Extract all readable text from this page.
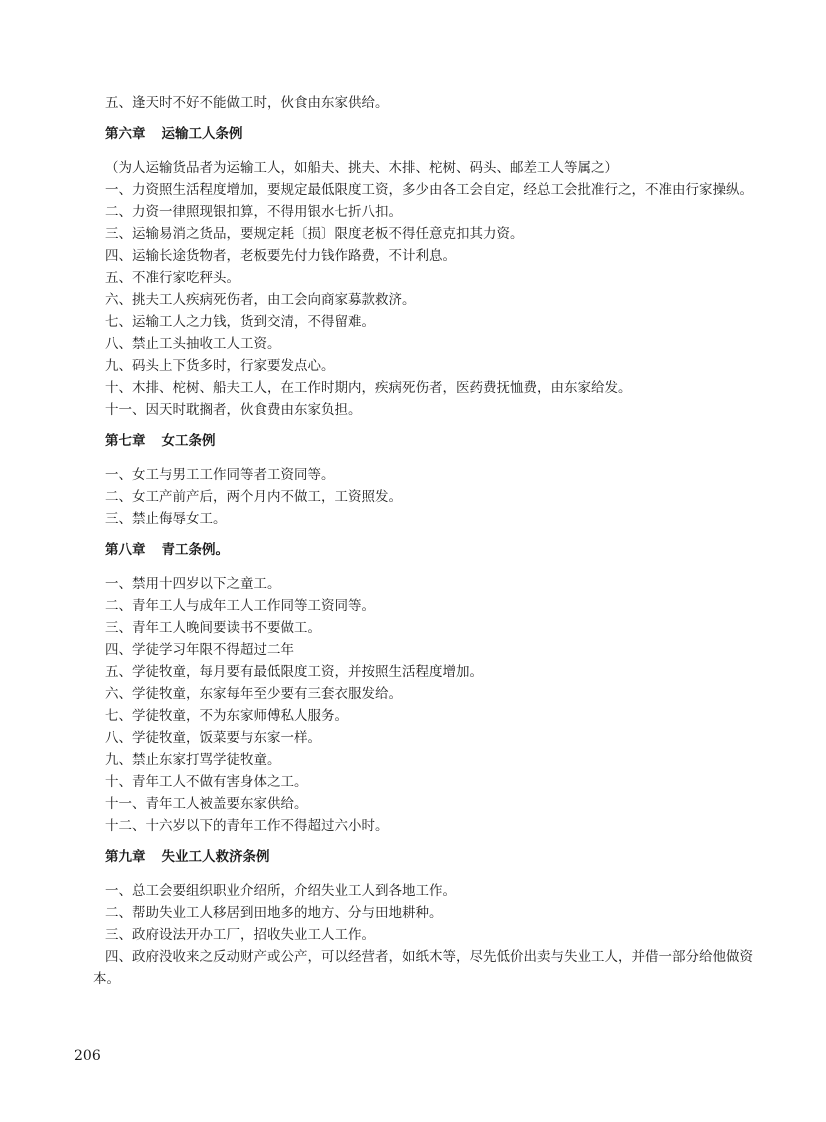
五、逢天时不好不能做工时，伙食由东家供给。

第六章 运输工人条例

（为人运输货品者为运输工人，如船夫、挑夫、木排、柁树、码头、邮差工人等属之）

一、力资照生活程度增加，要规定最低限度工资，多少由各工会自定，经总工会批准行之，不准由行家操纵。

二、力资一律照现银扣算，不得用银水七折八扣。

三、运输易消之货品，要规定耗〔损〕限度老板不得任意克扣其力资。

四、运输长途货物者，老板要先付力钱作路费，不计利息。

五、不准行家吃秤头。

六、挑夫工人疾病死伤者，由工会向商家募款救济。

七、运输工人之力钱，货到交清，不得留难。

八、禁止工头抽收工人工资。

九、码头上下货多时，行家要发点心。

十、木排、柁树、船夫工人，在工作时期内，疾病死伤者，医药费抚恤费，由东家给发。

十一、因天时耽搁者，伙食费由东家负担。

第七章 女工条例

一、女工与男工工作同等者工资同等。

二、女工产前产后，两个月内不做工，工资照发。

三、禁止侮辱女工。

第八章 青工条例。

一、禁用十四岁以下之童工。

二、青年工人与成年工人工作同等工资同等。

三、青年工人晚间要读书不要做工。

四、学徒学习年限不得超过二年

五、学徒牧童，每月要有最低限度工资，并按照生活程度增加。

六、学徒牧童，东家每年至少要有三套衣服发给。

七、学徒牧童，不为东家师傅私人服务。

八、学徒牧童，饭菜要与东家一样。

九、禁止东家打骂学徒牧童。

十、青年工人不做有害身体之工。

十一、青年工人被盖要东家供给。

十二、十六岁以下的青年工作不得超过六小时。

第九章 失业工人救济条例

一、总工会要组织职业介绍所，介绍失业工人到各地工作。

二、帮助失业工人移居到田地多的地方、分与田地耕种。

三、政府设法开办工厂，招收失业工人工作。

四、政府没收来之反动财产或公产，可以经营者，如纸木等，尽先低价出卖与失业工人，并借一部分给他做资本。

206
